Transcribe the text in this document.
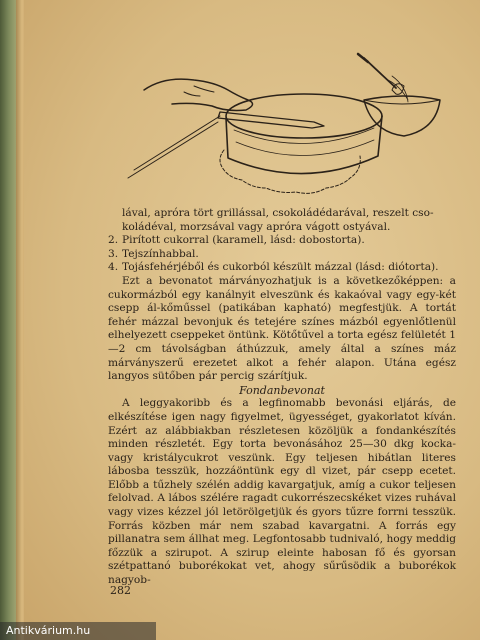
lával, apróra tört grillással, csokoládédarával, reszelt cso-

koládéval, morzsával vagy apróra vágott ostyával.

2. Pirított cukorral (karamell, lásd: dobostorta).
3. Tejszínhabbal.
4. Tojásfehérjéből és cukorból készült mázzal (lásd: diótorta).

Ezt a bevonatot márványozhatjuk is a következőképpen: a cukormázból egy kanálnyit elveszünk és kakaóval vagy egy-két csepp ál-kőműssel (patikában kapható) megfestjük. A tortát fehér mázzal bevonjuk és tetejére színes mázból egyenlőtlenül elhelyezett cseppeket öntünk. Kötőtűvel a torta egész felületét 1—2 cm távolságban áthúzzuk, amely által a színes máz márványszerű erezetet alkot a fehér alapon. Utána egész langyos sütőben pár percig szárítjuk.

Fondanbevonat

A leggyakoribb és a legfinomabb bevonási eljárás, de elkészítése igen nagy figyelmet, ügyességet, gyakorlatot kíván. Ezért az alábbiakban részletesen közöljük a fondankészítés minden részletét. Egy torta bevonásához 25—30 dkg kocka- vagy kristálycukrot veszünk. Egy teljesen hibátlan literes lábosba tesszük, hozzáöntünk egy dl vizet, pár csepp ecetet. Előbb a tűzhely szélén addig kavargatjuk, amíg a cukor teljesen felolvad. A lábos szélére ragadt cukorrészecskéket vizes ruhával vagy vizes kézzel jól letörölgetjük és gyors tűzre forrni tesszük. Forrás közben már nem szabad kavargatni. A forrás egy pillanatra sem állhat meg. Legfontosabb tudnivaló, hogy meddig főzzük a szirupot. A szirup eleinte habosan fő és gyorsan szétpattanó buborékokat vet, ahogy sűrűsödik a buborékok nagyob-

282
Antikvárium.hu
